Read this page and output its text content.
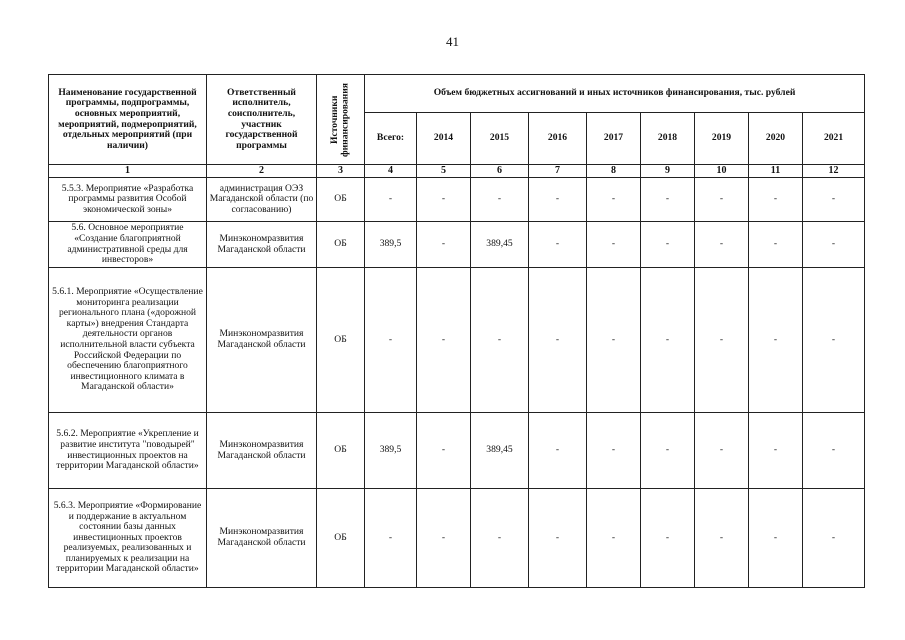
41
Наименование государственной программы, подпрограммы, основных мероприятий, мероприятий, подмероприятий, отдельных мероприятий (при наличии)	Ответственный исполнитель, соисполнитель, участник государственной программы	Источники финансирования	Объем бюджетных ассигнований и иных источников финансирования, тыс. рублей								
			Всего:	2014	2015	2016	2017	2018	2019	2020	2021
1	2	3	4	5	6	7	8	9	10	11	12
5.5.3. Мероприятие «Разработка программы развития Особой экономической зоны»	администрация ОЭЗ Магаданской области (по согласованию)	ОБ	-	-	-	-	-	-	-	-	-
5.6. Основное мероприятие «Создание благоприятной административной среды для инвесторов»	Минэкономразвития Магаданской области	ОБ	389,5	-	389,45	-	-	-	-	-	-
5.6.1. Мероприятие «Осуществление мониторинга реализации регионального плана («дорожной карты») внедрения Стандарта деятельности органов исполнительной власти субъекта Российской Федерации по обеспечению благоприятного инвестиционного климата в Магаданской области»	Минэкономразвития Магаданской области	ОБ	-	-	-	-	-	-	-	-	-
5.6.2. Мероприятие «Укрепление и развитие института "поводырей" инвестиционных проектов на территории Магаданской области»	Минэкономразвития Магаданской области	ОБ	389,5	-	389,45	-	-	-	-	-	-
5.6.3. Мероприятие «Формирование и поддержание в актуальном состоянии базы данных инвестиционных проектов реализуемых, реализованных и планируемых к реализации на территории Магаданской области»	Минэкономразвития Магаданской области	ОБ	-	-	-	-	-	-	-	-	-
